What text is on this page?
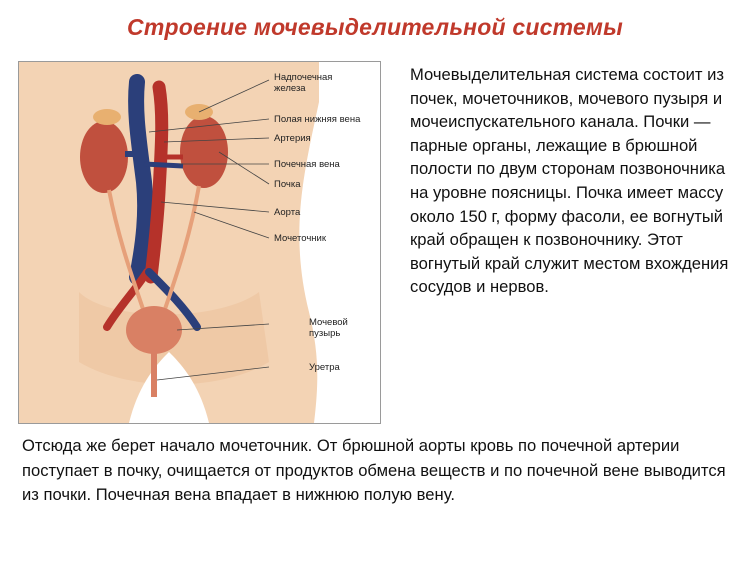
Строение мочевыделительной системы
Надпочечная
железа
Полая нижняя вена
Артерия
Почечная вена
Почка
Аорта
Мочеточник
Мочевой
пузырь
Уретра
Мочевыделительная система состоит из почек, мочеточников, мочевого пузыря и мочеиспускательного канала. Почки — парные органы, лежащие в брюшной полости по двум сторонам позвоночника на уровне поясницы. Почка имеет массу около 150 г, форму фасоли, ее вогнутый край обращен к позвоночнику. Этот вогнутый край служит местом вхождения сосудов и нервов.
Отсюда же берет начало мочеточник. От брюшной аорты кровь по почечной артерии поступает в почку, очищается от продуктов обмена веществ и по почечной вене выводится из почки. Почечная вена впадает в нижнюю полую вену.
